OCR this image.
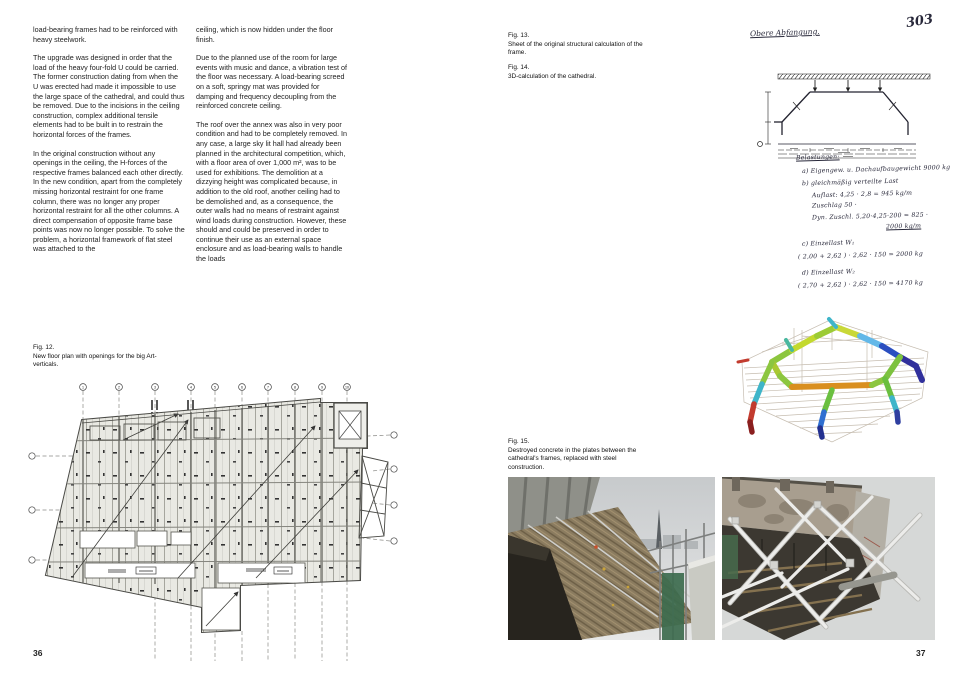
load-bearing frames had to be reinforced with heavy steelwork.

The upgrade was designed in order that the load of the heavy four-fold U could be carried. The former construction dating from when the U was erected had made it impossible to use the large space of the cathedral, and could thus be removed. Due to the incisions in the ceiling construction, complex additional tensile elements had to be built in to restrain the horizontal forces of the frames.

In the original construction without any openings in the ceiling, the H-forces of the respective frames balanced each other directly. In the new condition, apart from the completely missing horizontal restraint for one frame column, there was no longer any proper horizontal restraint for all the other columns. A direct compensation of opposite frame base points was now no longer possible. To solve the problem, a horizontal framework of flat steel was attached to the

ceiling, which is now hidden under the floor finish.

Due to the planned use of the room for large events with music and dance, a vibration test of the floor was necessary. A load-bearing screed on a soft, springy mat was provided for damping and frequency decoupling from the reinforced concrete ceiling.

The roof over the annex was also in very poor condition and had to be completely removed. In any case, a large sky lit hall had already been planned in the architectural competition, which, with a floor area of over 1,000 m², was to be used for exhibitions. The demolition at a dizzying height was complicated because, in addition to the old roof, another ceiling had to be demolished and, as a consequence, the outer walls had no means of restraint against wind loads during construction. However, these should and could be preserved in order to continue their use as an external space enclosure and as load-bearing walls to handle the loads

Fig. 12.
New floor plan with openings for the big Art-verticals.
1	2	3	4	5	6	7	8	9	10
36
Fig. 13.
Sheet of the original structural calculation of the frame.
Fig. 14.
3D-calculation of the cathedral.
Fig. 15.
Destroyed concrete in the plates between the cathedral's frames, replaced with steel construction.
Obere Abfangung.
303
Belastungen:
a) Eigengew. u. Dachaufbaugewicht 9000 kg
b) gleichmäßig verteilte Last
Auflast: 4,25 · 2,8 = 945 kg/m
Zuschlag 50 ·
Dyn. Zuschl. 5,20·4,25·200 = 825 ·
2000 kg/m
c) Einzellast W₁
( 2,00 + 2,62 ) · 2,62 · 150 = 2000 kg
d) Einzellast W₂
( 2,70 + 2,62 ) · 2,62 · 150 = 4170 kg
37
